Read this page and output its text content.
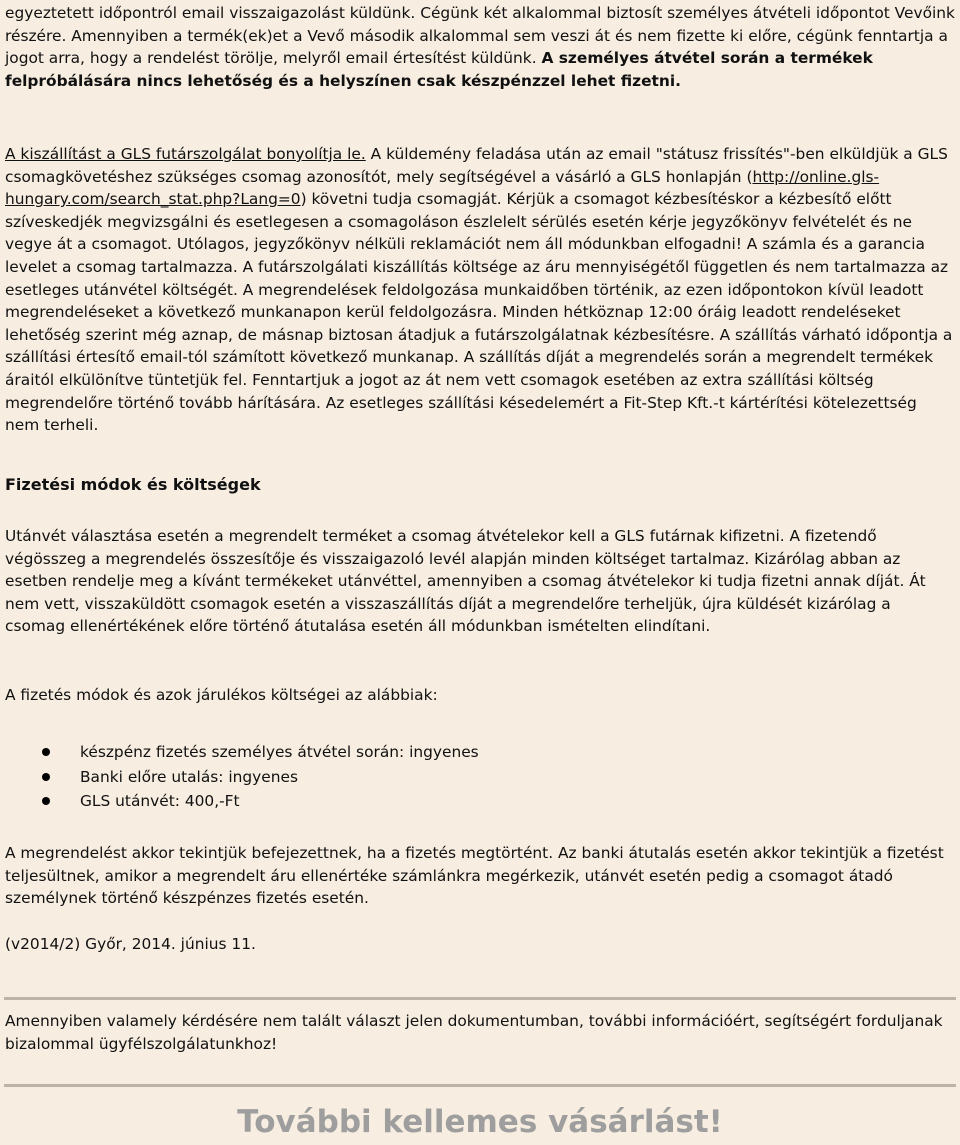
egyeztetett időpontról email visszaigazolást küldünk. Cégünk két alkalommal biztosít személyes átvételi időpontot Vevőink részére. Amennyiben a termék(ek)et a Vevő második alkalommal sem veszi át és nem fizette ki előre, cégünk fenntartja a jogot arra, hogy a rendelést törölje, melyről email értesítést küldünk. A személyes átvétel során a termékek felpróbálására nincs lehetőség és a helyszínen csak készpénzzel lehet fizetni.

A kiszállítást a GLS futárszolgálat bonyolítja le. A küldemény feladása után az email "státusz frissítés"-ben elküldjük a GLS csomagkövetéshez szükséges csomag azonosítót, mely segítségével a vásárló a GLS honlapján (http://online.gls-hungary.com/search_stat.php?Lang=0) követni tudja csomagját. Kérjük a csomagot kézbesítéskor a kézbesítő előtt szíveskedjék megvizsgálni és esetlegesen a csomagoláson észlelelt sérülés esetén kérje jegyzőkönyv felvételét és ne vegye át a csomagot. Utólagos, jegyzőkönyv nélküli reklamációt nem áll módunkban elfogadni! A számla és a garancia levelet a csomag tartalmazza. A futárszolgálati kiszállítás költsége az áru mennyiségétől független és nem tartalmazza az esetleges utánvétel költségét. A megrendelések feldolgozása munkaidőben történik, az ezen időpontokon kívül leadott megrendeléseket a következő munkanapon kerül feldolgozásra. Minden hétköznap 12:00 óráig leadott rendeléseket lehetőség szerint még aznap, de másnap biztosan átadjuk a futárszolgálatnak kézbesítésre. A szállítás várható időpontja a szállítási értesítő email-tól számított következő munkanap. A szállítás díját a megrendelés során a megrendelt termékek áraitól elkülönítve tüntetjük fel. Fenntartjuk a jogot az át nem vett csomagok esetében az extra szállítási költség megrendelőre történő tovább hárítására. Az esetleges szállítási késedelemért a Fit-Step Kft.-t kártérítési kötelezettség nem terheli.

Fizetési módok és költségek

Utánvét választása esetén a megrendelt terméket a csomag átvételekor kell a GLS futárnak kifizetni. A fizetendő végösszeg a megrendelés összesítője és visszaigazoló levél alapján minden költséget tartalmaz. Kizárólag abban az esetben rendelje meg a kívánt termékeket utánvéttel, amennyiben a csomag átvételekor ki tudja fizetni annak díját. Át nem vett, visszaküldött csomagok esetén a visszaszállítás díját a megrendelőre terheljük, újra küldését kizárólag a csomag ellenértékének előre történő átutalása esetén áll módunkban ismételten elindítani.

A fizetés módok és azok járulékos költségei az alábbiak:

készpénz fizetés személyes átvétel során: ingyenes
Banki előre utalás: ingyenes
GLS utánvét: 400,-Ft

A megrendelést akkor tekintjük befejezettnek, ha a fizetés megtörtént. Az banki átutalás esetén akkor tekintjük a fizetést teljesültnek, amikor a megrendelt áru ellenértéke számlánkra megérkezik, utánvét esetén pedig a csomagot átadó személynek történő készpénzes fizetés esetén.

(v2014/2) Győr, 2014. június 11.

Amennyiben valamely kérdésére nem talált választ jelen dokumentumban, további információért, segítségért forduljanak bizalommal ügyfélszolgálatunkhoz!

További kellemes vásárlást!
